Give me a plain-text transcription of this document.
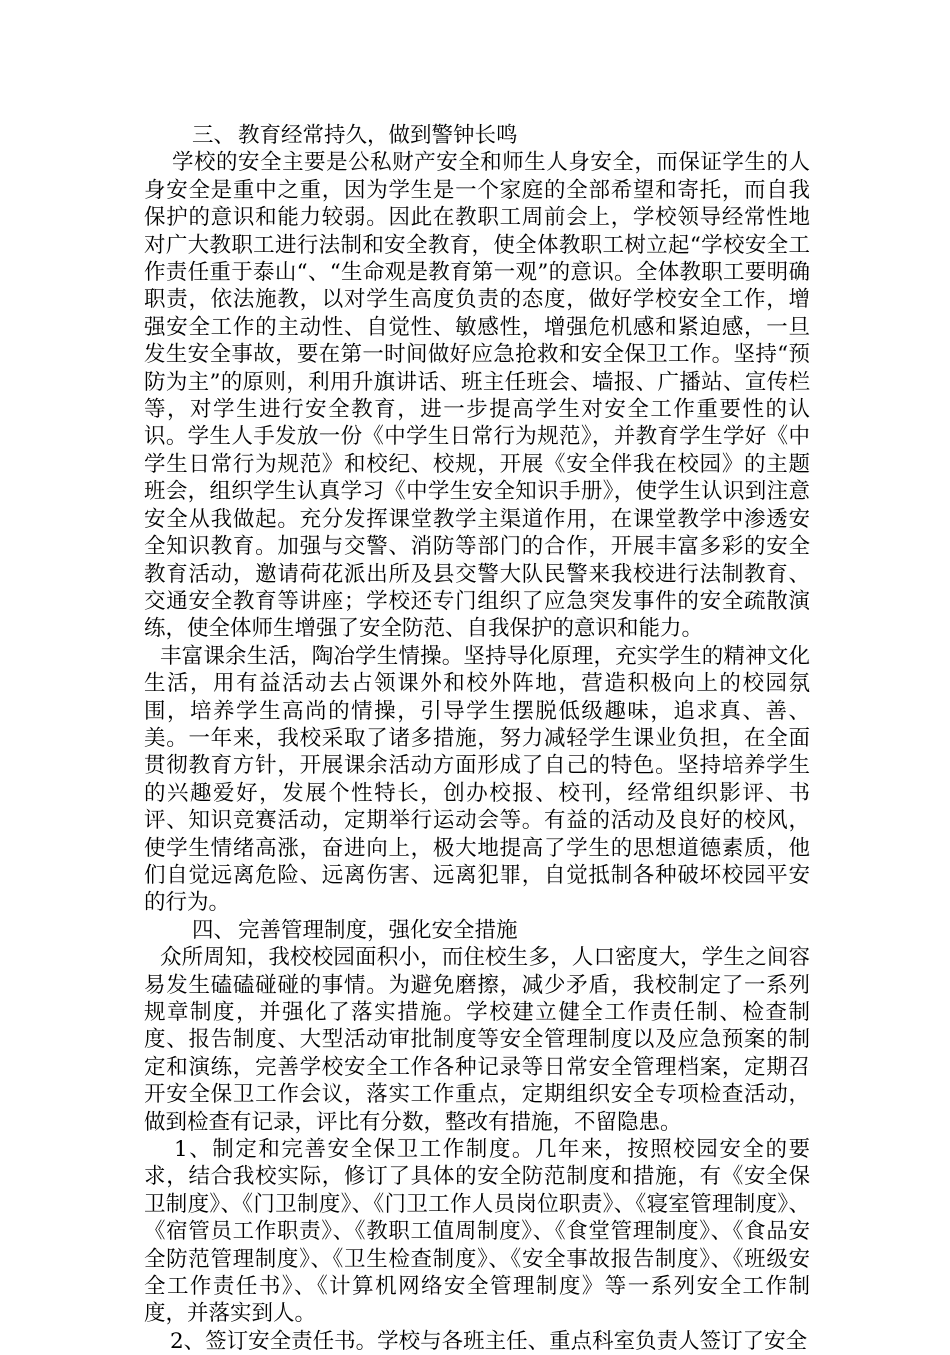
三、 教育经常持久，做到警钟长鸣

学校的安全主要是公私财产安全和师生人身安全，而保证学生的人身安全是重中之重，因为学生是一个家庭的全部希望和寄托，而自我保护的意识和能力较弱。因此在教职工周前会上，学校领导经常性地对广大教职工进行法制和安全教育，使全体教职工树立起“学校安全工作责任重于泰山“、“生命观是教育第一观”的意识。全体教职工要明确职责，依法施教，以对学生高度负责的态度，做好学校安全工作，增强安全工作的主动性、自觉性、敏感性，增强危机感和紧迫感，一旦发生安全事故，要在第一时间做好应急抢救和安全保卫工作。坚持“预防为主”的原则，利用升旗讲话、班主任班会、墙报、广播站、宣传栏等，对学生进行安全教育，进一步提高学生对安全工作重要性的认识。学生人手发放一份《中学生日常行为规范》，并教育学生学好《中学生日常行为规范》和校纪、校规，开展《安全伴我在校园》的主题班会，组织学生认真学习《中学生安全知识手册》，使学生认识到注意安全从我做起。充分发挥课堂教学主渠道作用，在课堂教学中渗透安全知识教育。加强与交警、消防等部门的合作，开展丰富多彩的安全教育活动，邀请荷花派出所及县交警大队民警来我校进行法制教育、交通安全教育等讲座；学校还专门组织了应急突发事件的安全疏散演练，使全体师生增强了安全防范、自我保护的意识和能力。

丰富课余生活，陶冶学生情操。坚持导化原理，充实学生的精神文化生活，用有益活动去占领课外和校外阵地，营造积极向上的校园氛围，培养学生高尚的情操，引导学生摆脱低级趣味，追求真、善、美。一年来，我校采取了诸多措施，努力减轻学生课业负担，在全面贯彻教育方针，开展课余活动方面形成了自己的特色。坚持培养学生的兴趣爱好，发展个性特长，创办校报、校刊，经常组织影评、书评、知识竞赛活动，定期举行运动会等。有益的活动及良好的校风，使学生情绪高涨，奋进向上，极大地提高了学生的思想道德素质，他们自觉远离危险、远离伤害、远离犯罪，自觉抵制各种破坏校园平安的行为。

四、 完善管理制度，强化安全措施

众所周知，我校校园面积小，而住校生多，人口密度大，学生之间容易发生磕磕碰碰的事情。为避免磨擦，减少矛盾，我校制定了一系列规章制度，并强化了落实措施。学校建立健全工作责任制、检查制度、报告制度、大型活动审批制度等安全管理制度以及应急预案的制定和演练，完善学校安全工作各种记录等日常安全管理档案，定期召开安全保卫工作会议，落实工作重点，定期组织安全专项检查活动，做到检查有记录，评比有分数，整改有措施，不留隐患。

1、制定和完善安全保卫工作制度。几年来，按照校园安全的要求，结合我校实际，修订了具体的安全防范制度和措施，有《安全保卫制度》、《门卫制度》、《门卫工作人员岗位职责》、《寝室管理制度》、《宿管员工作职责》、《教职工值周制度》、《食堂管理制度》、《食品安全防范管理制度》、《卫生检查制度》、《安全事故报告制度》、《班级安全工作责任书》、《计算机网络安全管理制度》等一系列安全工作制度，并落实到人。

2、签订安全责任书。学校与各班主任、重点科室负责人签订了安全
